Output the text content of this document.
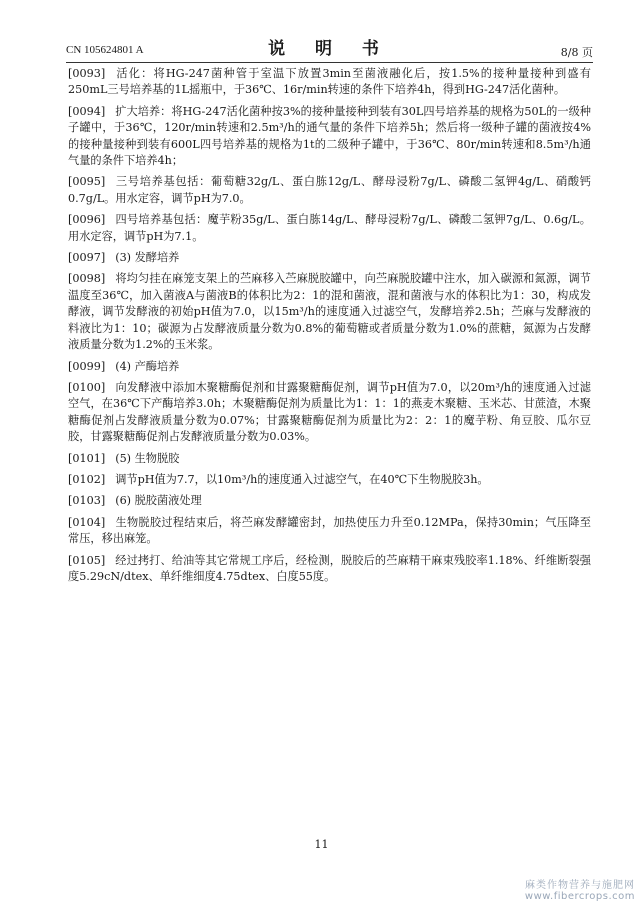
CN 105624801 A	说 明 书	8/8 页
[0093] 活化：将HG-247菌种管于室温下放置3min至菌液融化后，按1.5%的接种量接种到盛有250mL三号培养基的1L摇瓶中，于36℃、16r/min转速的条件下培养4h，得到HG-247活化菌种。
[0094] 扩大培养：将HG-247活化菌种按3%的接种量接种到装有30L四号培养基的规格为50L的一级种子罐中，于36℃，120r/min转速和2.5m³/h的通气量的条件下培养5h；然后将一级种子罐的菌液按4%的接种量接种到装有600L四号培养基的规格为1t的二级种子罐中，于36℃、80r/min转速和8.5m³/h通气量的条件下培养4h；
[0095] 三号培养基包括：葡萄糖32g/L、蛋白胨12g/L、酵母浸粉7g/L、磷酸二氢钾4g/L、硝酸钙0.7g/L。用水定容，调节pH为7.0。
[0096] 四号培养基包括：魔芋粉35g/L、蛋白胨14g/L、酵母浸粉7g/L、磷酸二氢钾7g/L、0.6g/L。用水定容，调节pH为7.1。
[0097] (3) 发酵培养
[0098] 将均匀挂在麻笼支架上的苎麻移入苎麻脱胶罐中，向苎麻脱胶罐中注水，加入碳源和氮源，调节温度至36℃，加入菌液A与菌液B的体积比为2：1的混和菌液，混和菌液与水的体积比为1：30，构成发酵液，调节发酵液的初始pH值为7.0，以15m³/h的速度通入过滤空气，发酵培养2.5h；苎麻与发酵液的料液比为1：10；碳源为占发酵液质量分数为0.8%的葡萄糖或者质量分数为1.0%的蔗糖，氮源为占发酵液质量分数为1.2%的玉米浆。
[0099] (4) 产酶培养
[0100] 向发酵液中添加木聚糖酶促剂和甘露聚糖酶促剂，调节pH值为7.0，以20m³/h的速度通入过滤空气，在36℃下产酶培养3.0h；木聚糖酶促剂为质量比为1：1：1的燕麦木聚糖、玉米芯、甘蔗渣，木聚糖酶促剂占发酵液质量分数为0.07%；甘露聚糖酶促剂为质量比为2：2：1的魔芋粉、角豆胶、瓜尔豆胶，甘露聚糖酶促剂占发酵液质量分数为0.03%。
[0101] (5) 生物脱胶
[0102] 调节pH值为7.7，以10m³/h的速度通入过滤空气，在40℃下生物脱胶3h。
[0103] (6) 脱胶菌液处理
[0104] 生物脱胶过程结束后，将苎麻发酵罐密封，加热使压力升至0.12MPa，保持30min；气压降至常压，移出麻笼。
[0105] 经过拷打、给油等其它常规工序后，经检测，脱胶后的苎麻精干麻束残胶率1.18%、纤维断裂强度5.29cN/dtex、单纤维细度4.75dtex、白度55度。
11
麻类作物营养与施肥网
www.fibercrops.com
